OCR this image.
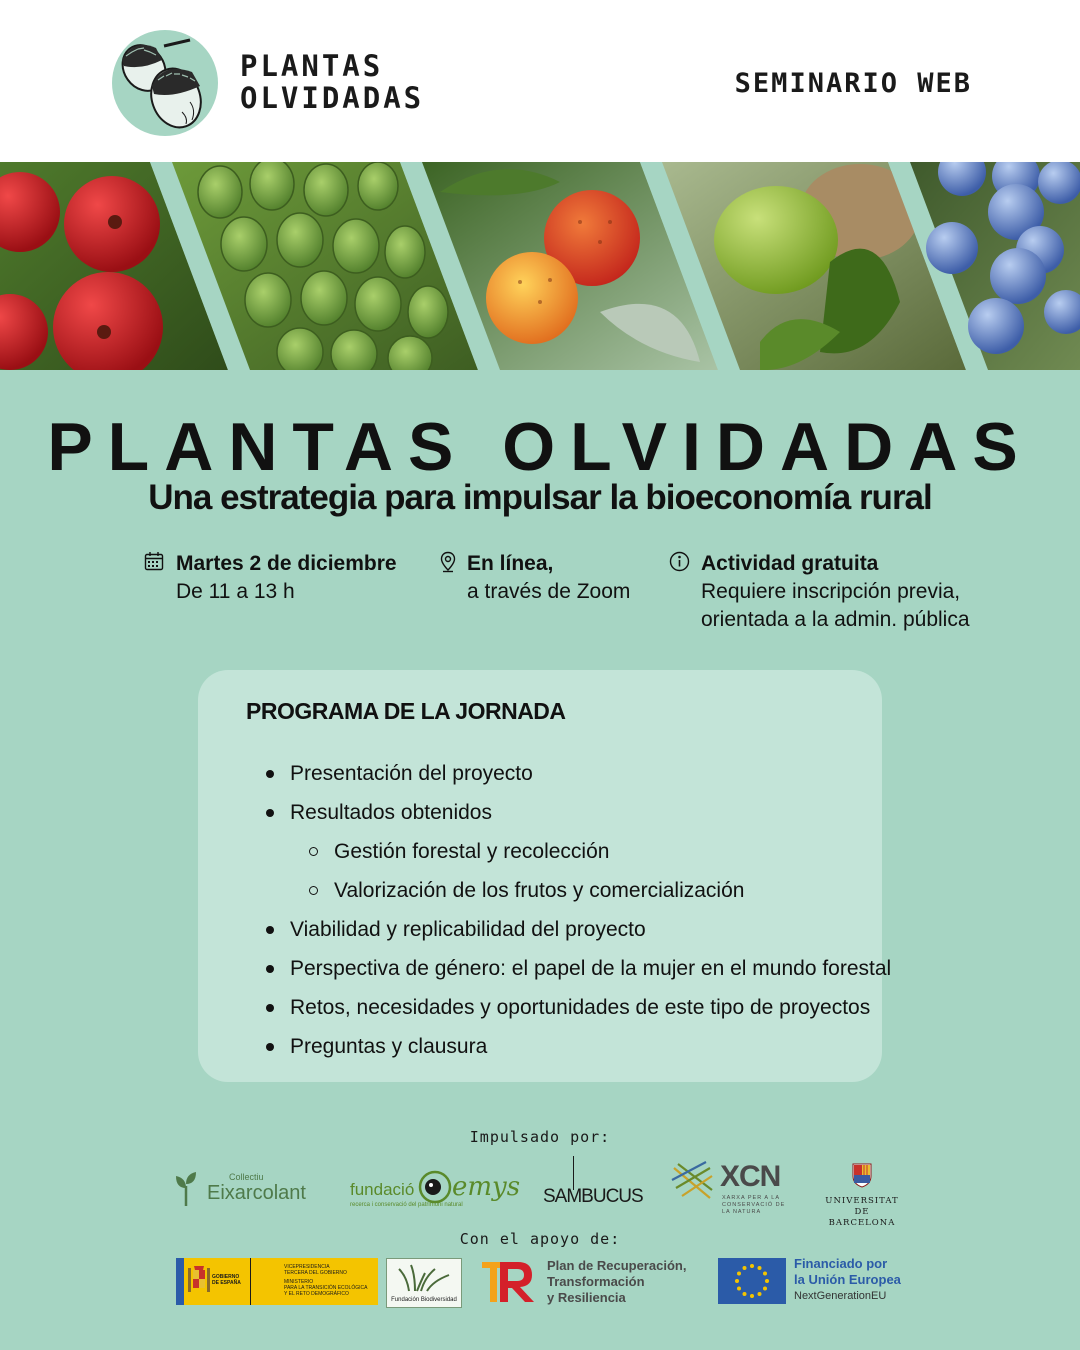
PLANTAS
OLVIDADAS	SEMINARIO WEB
PLANTAS OLVIDADAS
Una estrategia para impulsar la bioeconomía rural
Martes 2 de diciembre
De 11 a 13 h
En línea,
a través de Zoom
Actividad gratuita
Requiere inscripción previa,
orientada a la admin. pública
PROGRAMA DE LA JORNADA
Presentación del proyecto
Resultados obtenidos
Gestión forestal y recolección
Valorización de los frutos y comercialización
Viabilidad y replicabilidad del proyecto
Perspectiva de género: el papel de la mujer en el mundo forestal
Retos, necesidades y oportunidades de este tipo de proyectos
Preguntas y clausura
Impulsado por:
Collectiu
Eixarcolant	fundació emys
recerca i conservació del patrimoni natural	SAMBUCUS
XCN
XARXA PER A LA
CONSERVACIÓ DE
LA NATURA
UNIVERSITAT DE
BARCELONA
Con el apoyo de:
GOBIERNO
DE ESPAÑA
VICEPRESIDENCIA
TERCERA DEL GOBIERNO
MINISTERIO
PARA LA TRANSICIÓN ECOLÓGICA
Y EL RETO DEMOGRÁFICO
Fundación Biodiversidad
Plan de Recuperación,
Transformación
y Resiliencia
Financiado por
la Unión Europea
NextGenerationEU
